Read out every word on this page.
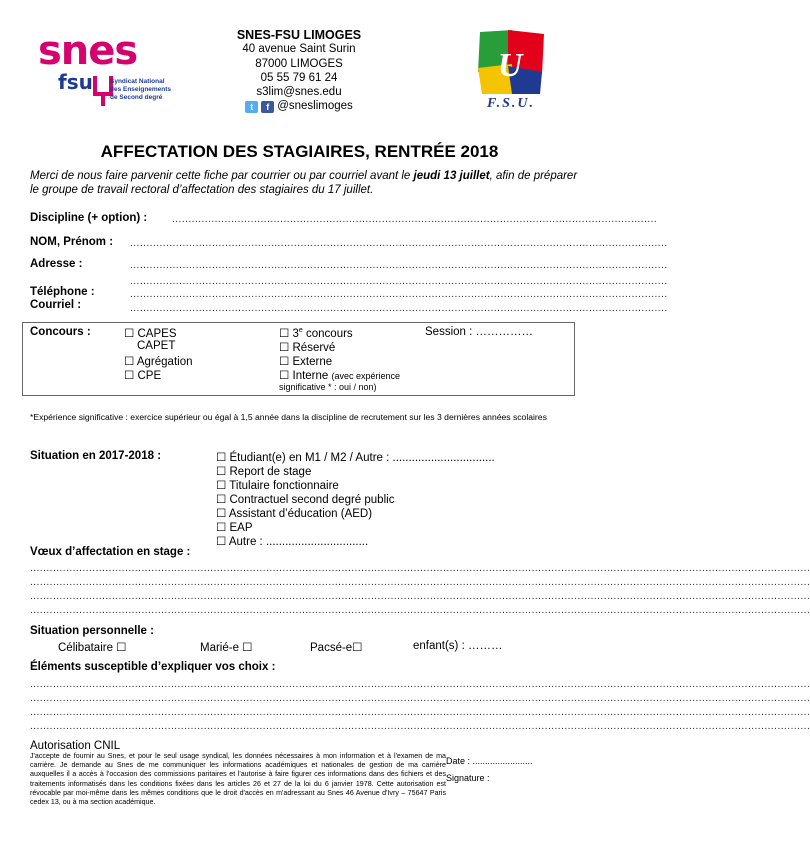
snes
fsu	Syndicat National
des Enseignements
de Second degré
SNES-FSU LIMOGES
40 avenue Saint Surin
87000 LIMOGES
05 55 79 61 24
s3lim@snes.edu
t	f @sneslimoges
U
F.S.U.
AFFECTATION DES STAGIAIRES, RENTRÉE 2018
Merci de nous faire parvenir cette fiche par courrier ou par courriel avant le jeudi 13 juillet, afin de préparer le groupe de travail rectoral d’affectation des stagiaires du 17 juillet.
Discipline (+ option) : ....................................................................................................................................................
NOM, Prénom : ....................................................................................................................................................................
Adresse :	....................................................................................................................................................................
....................................................................................................................................................................
Téléphone :	....................................................................................................................................................................
Courriel :	....................................................................................................................................................................
Concours :	☐ CAPES
CAPET
☐ Agrégation
☐ CPE
☐ 3e concours
☐ Réservé
☐ Externe
☐ Interne (avec expérience
significative * : oui / non)
Session : ……………
*Expérience significative : exercice supérieur ou égal à 1,5 année dans la discipline de recrutement sur les 3 dernières années scolaires
Situation en 2017-2018 :	☐ Étudiant(e) en M1 / M2 / Autre : ................................
☐ Report de stage
☐ Titulaire fonctionnaire
☐ Contractuel second degré public
☐ Assistant d’éducation (AED)
☐ EAP
☐ Autre : ................................
Vœux d’affectation en stage :
..............................................................................................................................................................................................................................................
..............................................................................................................................................................................................................................................
..............................................................................................................................................................................................................................................
..............................................................................................................................................................................................................................................
Situation personnelle :
Célibataire ☐	Marié-e ☐	Pacsé-e☐	enfant(s) : ………
Éléments susceptible d’expliquer vos choix :
..............................................................................................................................................................................................................................................
..............................................................................................................................................................................................................................................
..............................................................................................................................................................................................................................................
..............................................................................................................................................................................................................................................
Autorisation CNIL
J'accepte de fournir au Snes, et pour le seul usage syndical, les données nécessaires à mon information et à l'examen de ma carrière. Je demande au Snes de me communiquer les informations académiques et nationales de gestion de ma carrière auxquelles il a accès à l'occasion des commissions paritaires et l'autorise à faire figurer ces informations dans des fichiers et des traitements informatisés dans les conditions fixées dans les articles 26 et 27 de la loi du 6 janvier 1978. Cette autorisation est révocable par moi-même dans les mêmes conditions que le droit d'accès en m'adressant au Snes 46 Avenue d'Ivry – 75647 Paris cedex 13, ou à ma section académique.
Date : ........................
Signature :
